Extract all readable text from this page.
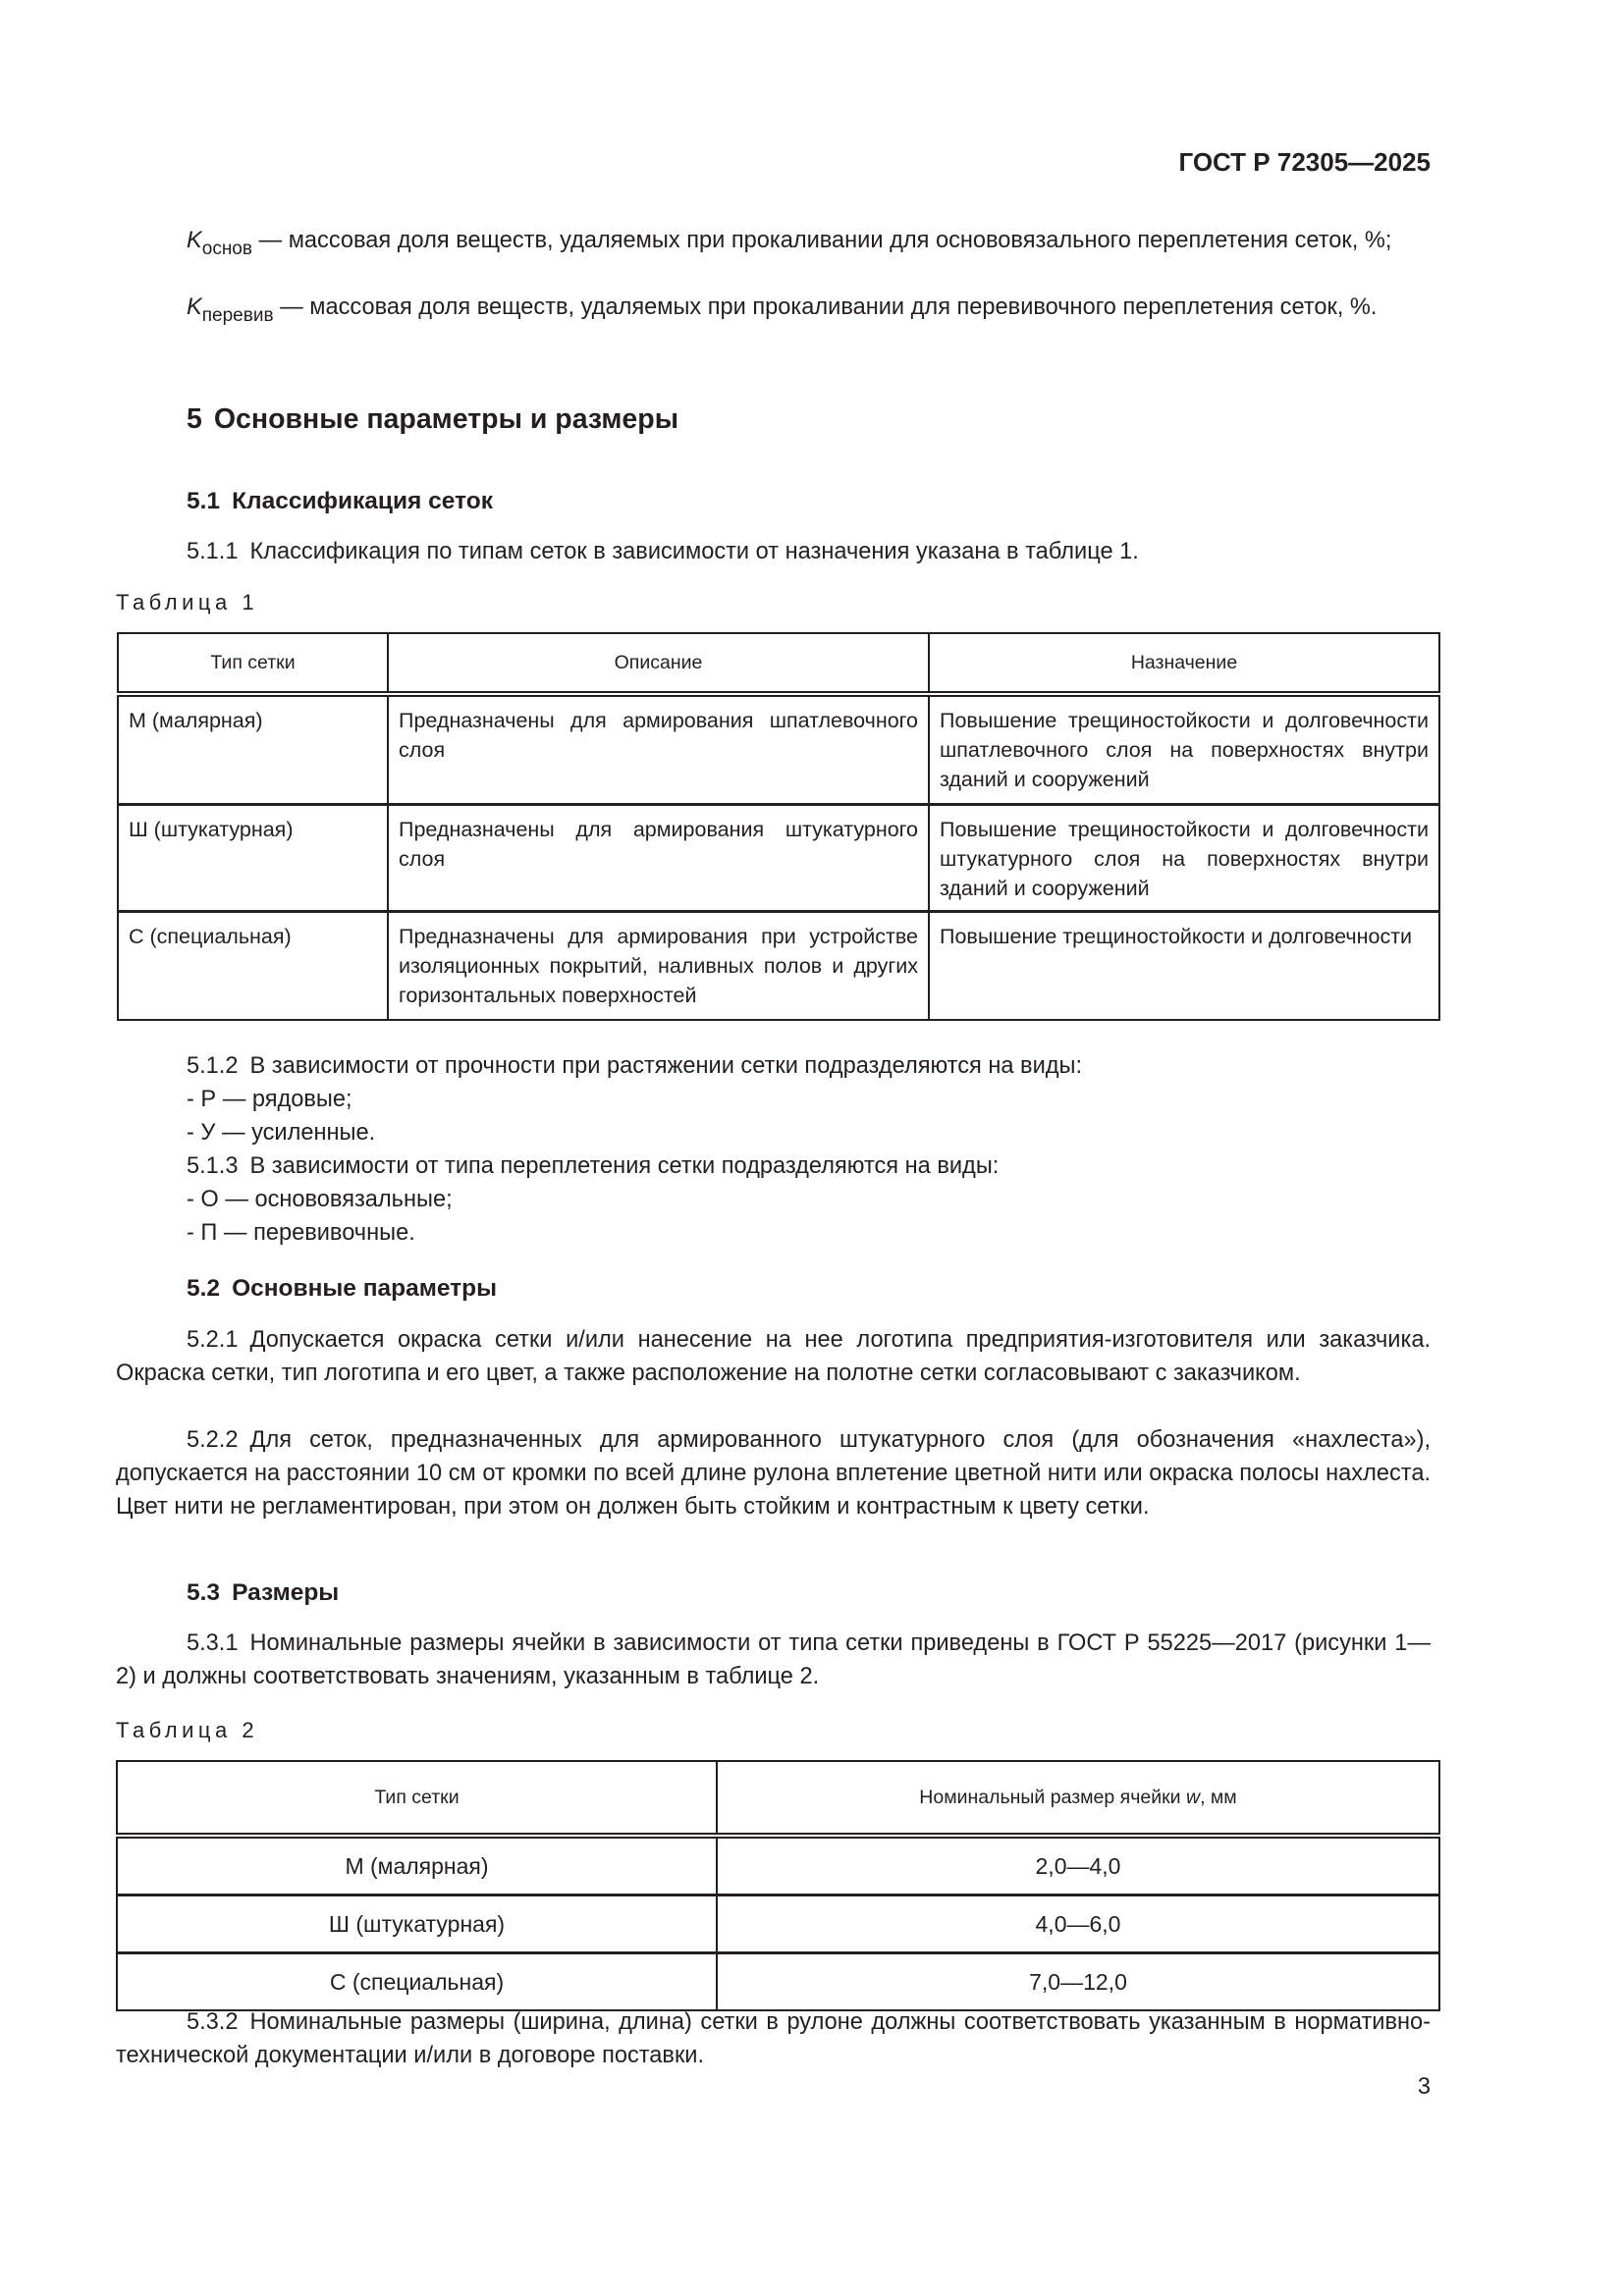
ГОСТ Р 72305—2025
$K_{основ}$ — массовая доля веществ, удаляемых при прокаливании для основовязального переплетения сеток, %;
$K_{перевив}$ — массовая доля веществ, удаляемых при прокаливании для перевивочного переплетения сеток, %.
5 Основные параметры и размеры
5.1 Классификация сеток
5.1.1 Классификация по типам сеток в зависимости от назначения указана в таблице 1.
Таблица 1
Тип сетки	Описание	Назначение
М (малярная)	Предназначены для армирования шпатлевочного слоя	Повышение трещиностойкости и долговечности шпатлевочного слоя на поверхностях внутри зданий и сооружений
Ш (штукатурная)	Предназначены для армирования штукатурного слоя	Повышение трещиностойкости и долговечности штукатурного слоя на поверхностях внутри зданий и сооружений
С (специальная)	Предназначены для армирования при устройстве изоляционных покрытий, наливных полов и других горизонтальных поверхностей	Повышение трещиностойкости и долговечности
5.1.2 В зависимости от прочности при растяжении сетки подразделяются на виды:
- Р — рядовые;
- У — усиленные.
5.1.3 В зависимости от типа переплетения сетки подразделяются на виды:
- О — основовязальные;
- П — перевивочные.
5.2 Основные параметры
5.2.1 Допускается окраска сетки и/или нанесение на нее логотипа предприятия-изготовителя или заказчика. Окраска сетки, тип логотипа и его цвет, а также расположение на полотне сетки согласовывают с заказчиком.
5.2.2 Для сеток, предназначенных для армированного штукатурного слоя (для обозначения «нахлеста»), допускается на расстоянии 10 см от кромки по всей длине рулона вплетение цветной нити или окраска полосы нахлеста. Цвет нити не регламентирован, при этом он должен быть стойким и контрастным к цвету сетки.
5.3 Размеры
5.3.1 Номинальные размеры ячейки в зависимости от типа сетки приведены в ГОСТ Р 55225—2017 (рисунки 1—2) и должны соответствовать значениям, указанным в таблице 2.
Таблица 2
Тип сетки	Номинальный размер ячейки w, мм
М (малярная)	2,0—4,0
Ш (штукатурная)	4,0—6,0
С (специальная)	7,0—12,0
5.3.2 Номинальные размеры (ширина, длина) сетки в рулоне должны соответствовать указанным в нормативно-технической документации и/или в договоре поставки.
3
